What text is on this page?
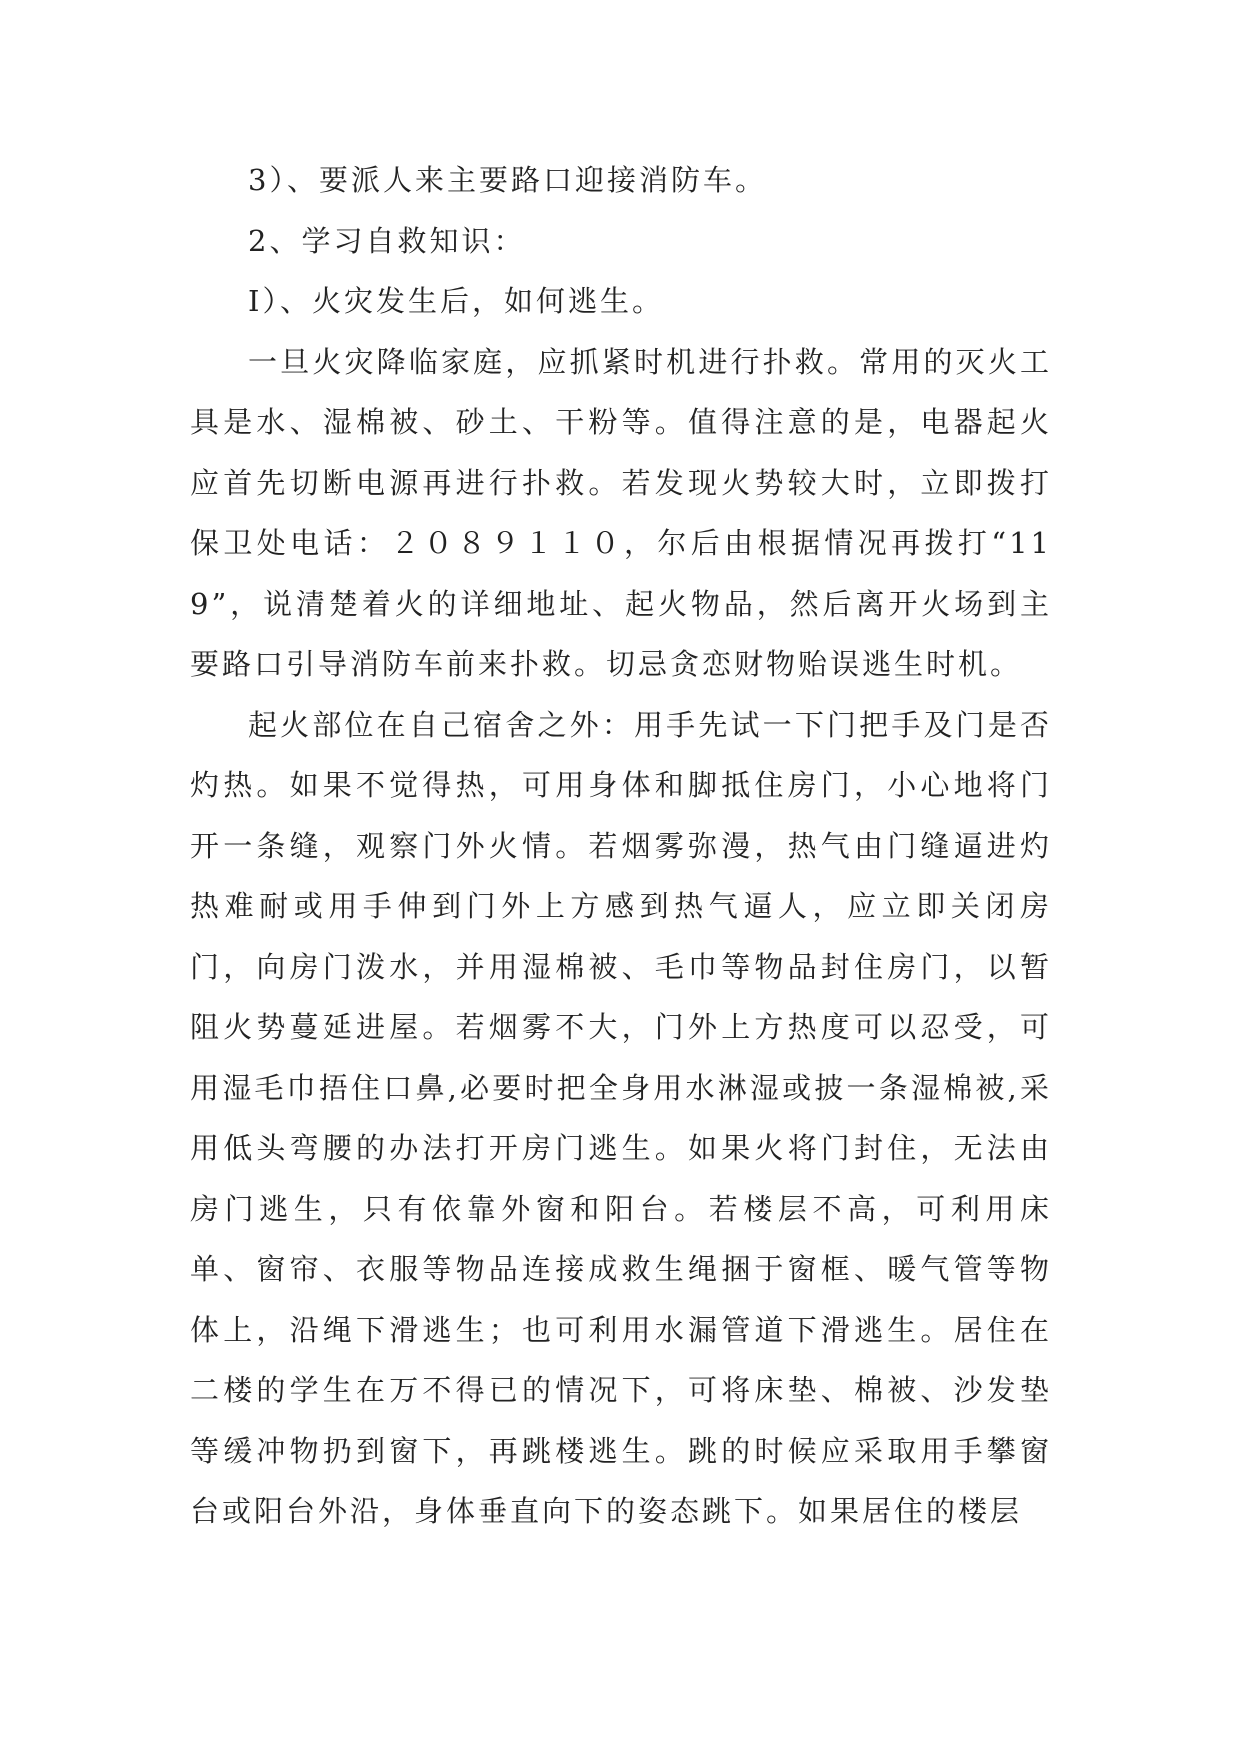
3）、要派人来主要路口迎接消防车。

2、学习自救知识：

I）、火灾发生后，如何逃生。

一旦火灾降临家庭，应抓紧时机进行扑救。常用的灭火工具是水、湿棉被、砂土、干粉等。值得注意的是，电器起火应首先切断电源再进行扑救。若发现火势较大时，立即拨打保卫处电话：２０８９１１０，尔后由根据情况再拨打“119”，说清楚着火的详细地址、起火物品，然后离开火场到主要路口引导消防车前来扑救。切忌贪恋财物贻误逃生时机。

起火部位在自己宿舍之外：用手先试一下门把手及门是否灼热。如果不觉得热，可用身体和脚抵住房门，小心地将门开一条缝，观察门外火情。若烟雾弥漫，热气由门缝逼进灼热难耐或用手伸到门外上方感到热气逼人，应立即关闭房门，向房门泼水，并用湿棉被、毛巾等物品封住房门，以暂阻火势蔓延进屋。若烟雾不大，门外上方热度可以忍受，可用湿毛巾捂住口鼻,必要时把全身用水淋湿或披一条湿棉被,采用低头弯腰的办法打开房门逃生。如果火将门封住，无法由房门逃生，只有依靠外窗和阳台。若楼层不高，可利用床单、窗帘、衣服等物品连接成救生绳捆于窗框、暖气管等物体上，沿绳下滑逃生；也可利用水漏管道下滑逃生。居住在二楼的学生在万不得已的情况下，可将床垫、棉被、沙发垫等缓冲物扔到窗下，再跳楼逃生。跳的时候应采取用手攀窗台或阳台外沿，身体垂直向下的姿态跳下。如果居住的楼层
